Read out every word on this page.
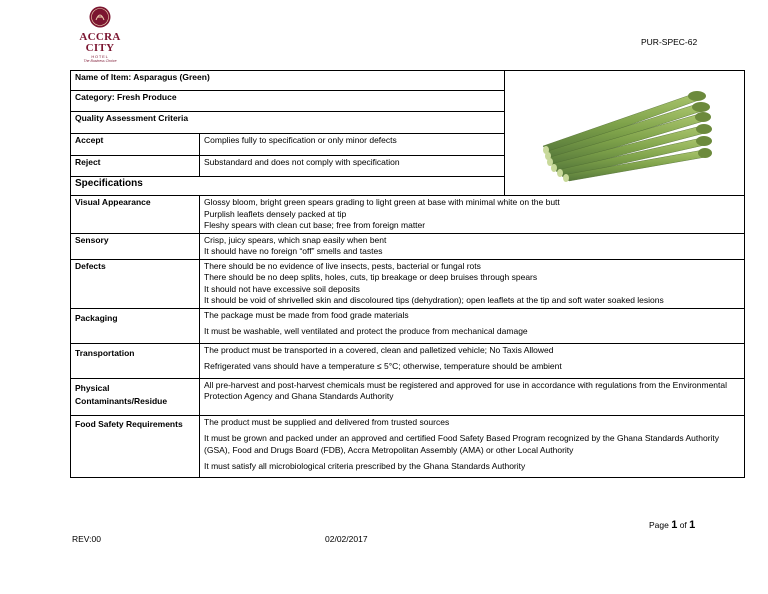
ACCRA CITY
HOTEL
The Business Choice
PUR-SPEC-62
Name of Item: Asparagus (Green)	

Category: Fresh Produce		
Quality Assessment Criteria		
Accept	Complies fully to specification or only minor defects	
Reject	Substandard and does not comply with specification	
Specifications		
Visual Appearance	Glossy bloom, bright green spears grading to light green at base with minimal white on the butt
Purplish leaflets densely packed at tip
Fleshy spears with clean cut base; free from foreign matter	

Sensory	Crisp, juicy spears, which snap easily when bent
It should have no foreign “off” smells and tastes	

Defects	There should be no evidence of live insects, pests, bacterial or fungal rots
There should be no deep splits, holes, cuts, tip breakage or deep bruises through spears
It should not have excessive soil deposits
It should be void of shrivelled skin and discoloured tips (dehydration); open leaflets at the tip and soft water soaked lesions	

Packaging	The package must be made from food grade materials
It must be washable, well ventilated and protect the produce from mechanical damage	

Transportation	The product must be transported in a covered, clean and palletized vehicle; No Taxis Allowed
Refrigerated vans should have a temperature ≤ 5°C; otherwise, temperature should be ambient	

Physical
Contaminants/Residue	All pre-harvest and post-harvest chemicals must be registered and approved for use in accordance with regulations from the Environmental Protection Agency and Ghana Standards Authority	

Food Safety Requirements	The product must be supplied and delivered from trusted sources
It must be grown and packed under an approved and certified Food Safety Based Program recognized by the Ghana Standards Authority (GSA), Food and Drugs Board (FDB), Accra Metropolitan Assembly (AMA) or other Local Authority
It must satisfy all microbiological criteria prescribed by the Ghana Standards Authority	
Page 1 of 1
REV:00	02/02/2017
